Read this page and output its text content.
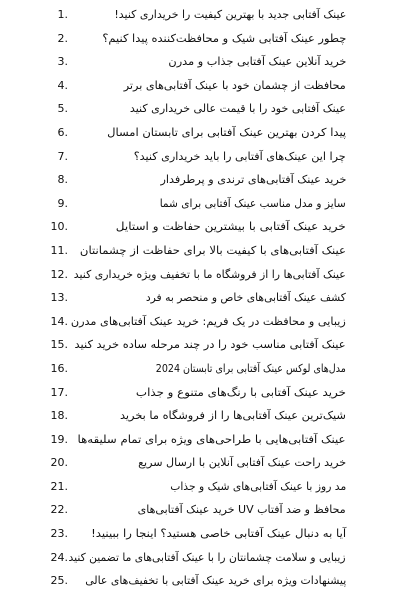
1.	عینک آفتابی جدید با بهترین کیفیت را خریداری کنید!
2.	چطور عینک آفتابی شیک و محافظت‌کننده پیدا کنیم؟
3.	خرید آنلاین عینک آفتابی جذاب و مدرن
4.	محافظت از چشمان خود با عینک آفتابی‌های برتر
5.	عینک آفتابی خود را با قیمت عالی خریداری کنید
6.	پیدا کردن بهترین عینک آفتابی برای تابستان امسال
7.	چرا این عینک‌های آفتابی را باید خریداری کنید؟
8.	خرید عینک آفتابی‌های ترندی و پرطرفدار
9.	سایز و مدل مناسب عینک آفتابی برای شما
10.	خرید عینک آفتابی با بیشترین حفاظت و استایل
11. عینک آفتابی‌های با کیفیت بالا برای حفاظت از چشمانتان
12. عینک آفتابی‌ها را از فروشگاه ما با تخفیف ویژه خریداری کنید
13.	کشف عینک آفتابی‌های خاص و منحصر به فرد
14. زیبایی و محافظت در یک فریم: خرید عینک آفتابی‌های مدرن
15. عینک آفتابی مناسب خود را در چند مرحله ساده خرید کنید
16.	مدل‌های لوکس عینک آفتابی برای تابستان 2024
17.	خرید عینک آفتابی با رنگ‌های متنوع و جذاب
18.	شیک‌ترین عینک آفتابی‌ها را از فروشگاه ما بخرید
19. عینک آفتابی‌هایی با طراحی‌های ویژه برای تمام سلیقه‌ها
20.	خرید راحت عینک آفتابی آنلاین با ارسال سریع
21.	مد روز با عینک آفتابی‌های شیک و جذاب
22.	محافظ و ضد آفتاب UV خرید عینک آفتابی‌های
23. آیا به دنبال عینک آفتابی خاصی هستید؟ اینجا را ببینید!
24. زیبایی و سلامت چشمانتان را با عینک آفتابی‌های ما تضمین کنید
25. پیشنهادات ویژه برای خرید عینک آفتابی با تخفیف‌های عالی
